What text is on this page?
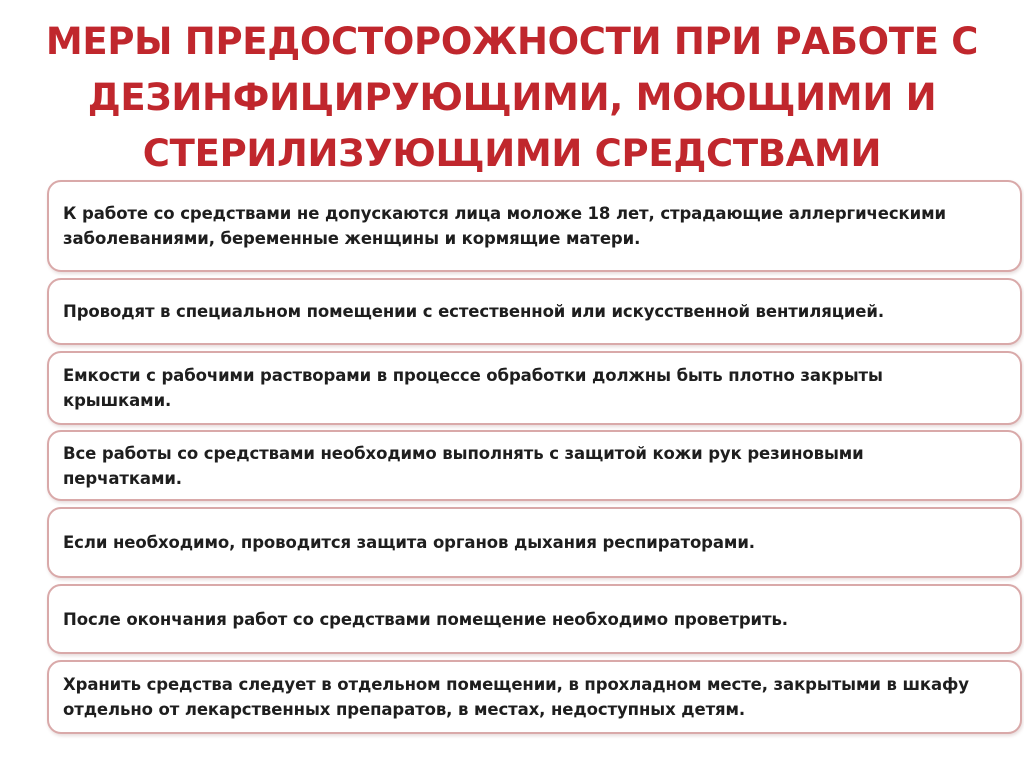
МЕРЫ ПРЕДОСТОРОЖНОСТИ ПРИ РАБОТЕ С
ДЕЗИНФИЦИРУЮЩИМИ, МОЮЩИМИ И
СТЕРИЛИЗУЮЩИМИ СРЕДСТВАМИ
К работе со средствами не допускаются лица моложе 18 лет, страдающие аллергическими
заболеваниями, беременные женщины и кормящие матери.
Проводят в специальном помещении с естественной или искусственной вентиляцией.
Емкости с рабочими растворами в процессе обработки должны быть плотно закрыты
крышками.
Все работы со средствами необходимо выполнять с защитой кожи рук резиновыми
перчатками.
Если необходимо, проводится защита органов дыхания респираторами.
После окончания работ со средствами помещение необходимо проветрить.
Хранить средства следует в отдельном помещении, в прохладном месте, закрытыми в шкафу
отдельно от лекарственных препаратов, в местах, недоступных детям.
